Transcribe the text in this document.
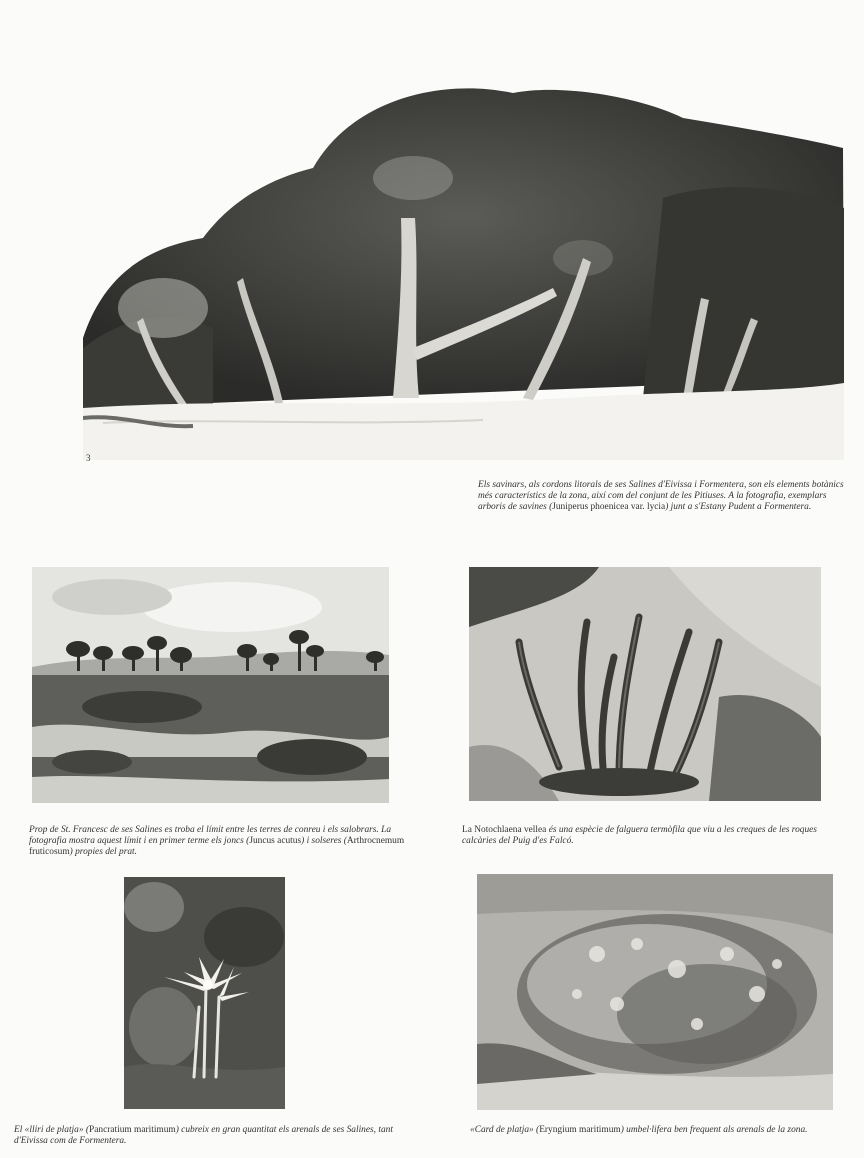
3

Els savinars, als cordons litorals de ses Salines d'Eivissa i Formentera, son els elements botànics més característics de la zona, així com del conjunt de les Pitiuses. A la fotografia, exemplars arboris de savines (Juniperus phoenicea var. lycia) junt a s'Estany Pudent a Formentera.

Prop de St. Francesc de ses Salines es troba el límit entre les terres de conreu i els salobrars. La fotografia mostra aquest límit i en primer terme els joncs (Juncus acutus) i solseres (Arthrocnemum fruticosum) propies del prat.

La Notochlaena vellea és una espècie de falguera termòfila que viu a les creques de les roques calcàries del Puig d'es Falcó.

El «lliri de platja» (Pancratium maritimum) cubreix en gran quantitat els arenals de ses Salines, tant d'Eivissa com de Formentera.

«Card de platja» (Eryngium maritimum) umbel·lifera ben frequent als arenals de la zona.
